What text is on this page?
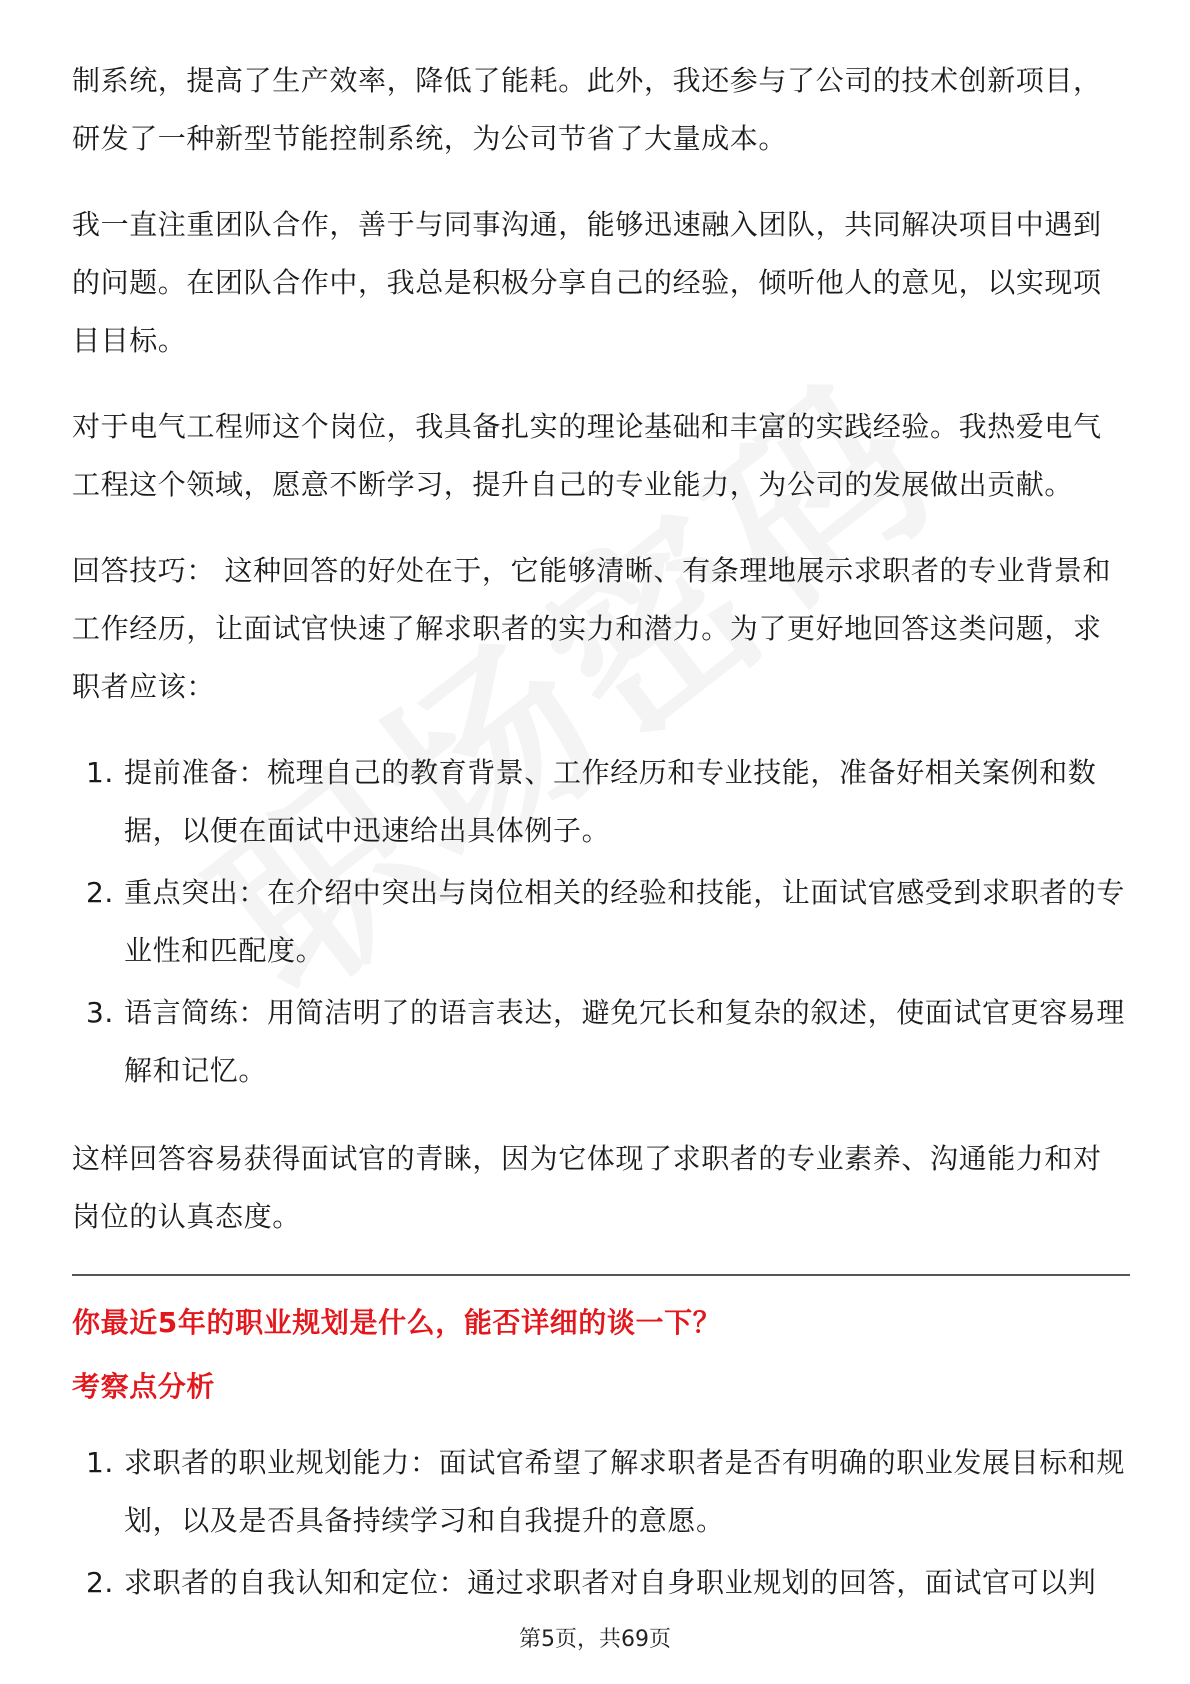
制系统，提高了生产效率，降低了能耗。此外，我还参与了公司的技术创新项目，研发了一种新型节能控制系统，为公司节省了大量成本。

我一直注重团队合作，善于与同事沟通，能够迅速融入团队，共同解决项目中遇到的问题。在团队合作中，我总是积极分享自己的经验，倾听他人的意见，以实现项目目标。

对于电气工程师这个岗位，我具备扎实的理论基础和丰富的实践经验。我热爱电气工程这个领域，愿意不断学习，提升自己的专业能力，为公司的发展做出贡献。

回答技巧： 这种回答的好处在于，它能够清晰、有条理地展示求职者的专业背景和工作经历，让面试官快速了解求职者的实力和潜力。为了更好地回答这类问题，求职者应该：

1. 提前准备：梳理自己的教育背景、工作经历和专业技能，准备好相关案例和数据，以便在面试中迅速给出具体例子。
2. 重点突出：在介绍中突出与岗位相关的经验和技能，让面试官感受到求职者的专业性和匹配度。
3. 语言简练：用简洁明了的语言表达，避免冗长和复杂的叙述，使面试官更容易理解和记忆。

这样回答容易获得面试官的青睐，因为它体现了求职者的专业素养、沟通能力和对岗位的认真态度。

你最近5年的职业规划是什么，能否详细的谈一下？
考察点分析
1. 求职者的职业规划能力：面试官希望了解求职者是否有明确的职业发展目标和规划，以及是否具备持续学习和自我提升的意愿。
2. 求职者的自我认知和定位：通过求职者对自身职业规划的回答，面试官可以判
第5页，共69页
